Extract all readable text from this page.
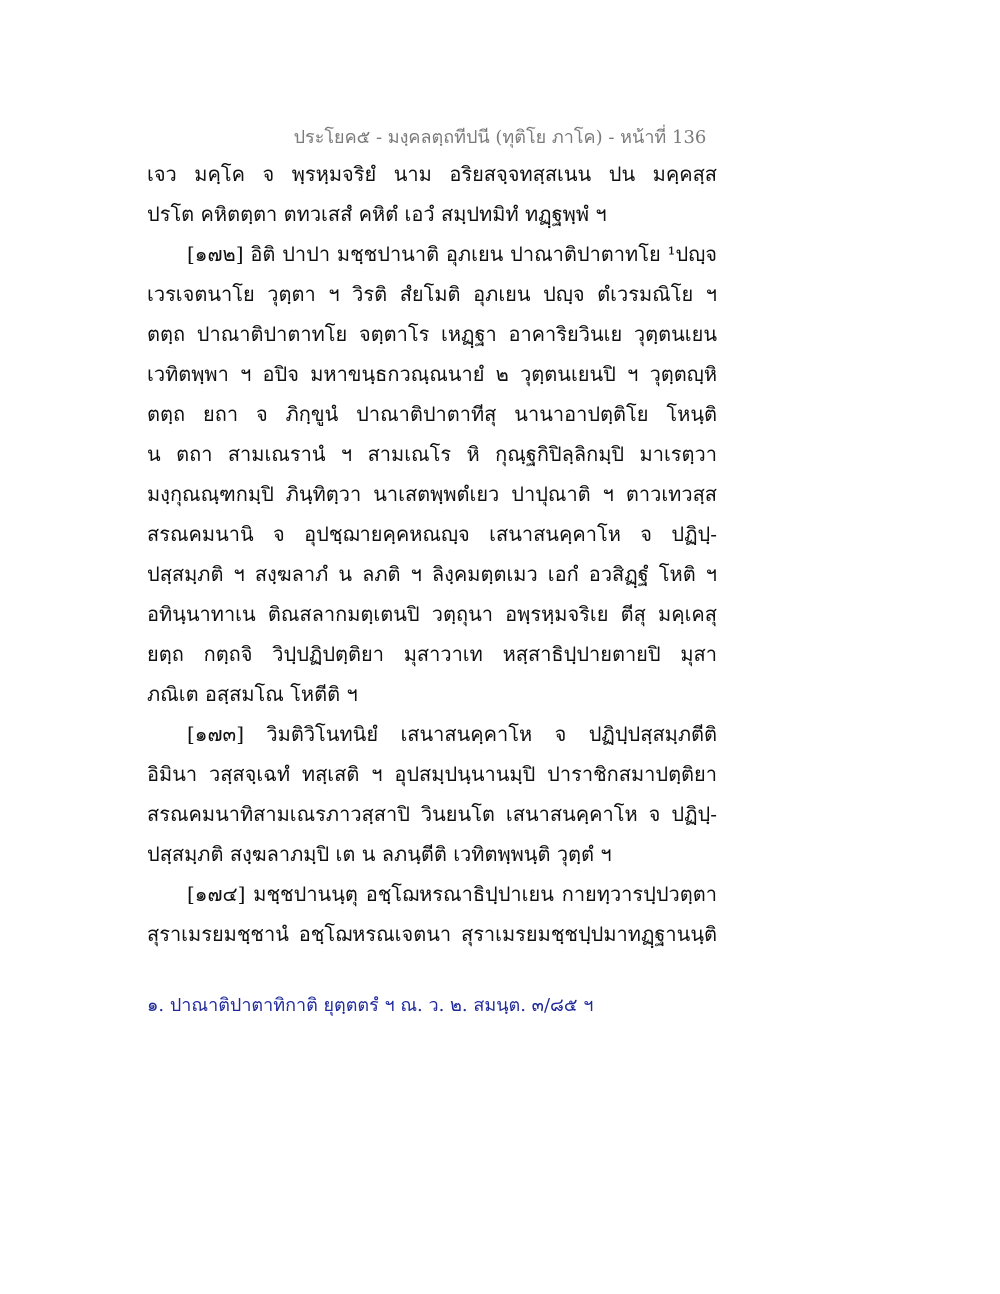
ประโยค๕ - มงฺคลตฺถทีปนี (ทุติโย ภาโค) - หน้าที่ 136
เจว มคฺโค จ พฺรหฺมจริยํ นาม อริยสจฺจทสฺสเนน ปน มคฺคสฺส
ปรโต คหิตตฺตา ตทวเสสํ คหิตํ เอวํ สมฺปทมิทํ ทฏฺฐพฺพํ ฯ
[๑๗๒] อิติ ปาปา มชฺชปานาติ อุภเยน ปาณาติปาตาทโย ¹ปญฺจ
เวรเจตนาโย วุตฺตา ฯ วิรติ สํยโมติ อุภเยน ปญฺจ ตํเวรมณิโย ฯ
ตตฺถ ปาณาติปาตาทโย จตฺตาโร เหฏฺฐา อาคาริยวินเย วุตฺตนเยน
เวทิตพฺพา ฯ อปิจ มหาขนฺธกวณฺณนายํ ๒ วุตฺตนเยนปิ ฯ วุตฺตญฺหิ
ตตฺถ ยถา จ ภิกฺขูนํ ปาณาติปาตาทีสุ นานาอาปตฺติโย โหนฺติ
น ตถา สามเณรานํ ฯ สามเณโร หิ กุณฺฐกิปิลฺลิกมฺปิ มาเรตฺวา
มงฺกุณณฺฑกมฺปิ ภินฺทิตฺวา นาเสตพฺพตํเยว ปาปุณาติ ฯ ตาวเทวสฺส
สรณคมนานิ จ อุปชฺฌายคฺคหณญฺจ เสนาสนคฺคาโห จ ปฏิปฺ-
ปสฺสมฺภติ ฯ สงฺฆลาภํ น ลภติ ฯ ลิงฺคมตฺตเมว เอกํ อวสิฏฺฐํ โหติ ฯ
อทินฺนาทาเน ติณสลากมตฺเตนปิ วตฺถุนา อพฺรหฺมจริเย ตีสุ มคฺเคสุ
ยตฺถ กตฺถจิ วิปฺปฏิปตฺติยา มุสาวาเท หสฺสาธิปฺปายตายปิ มุสา
ภณิเต อสฺสมโณ โหตีติ ฯ
[๑๗๓] วิมติวิโนทนิยํ เสนาสนคฺคาโห จ ปฏิปฺปสฺสมฺภตีติ
อิมินา วสฺสจฺเฉทํ ทสฺเสติ ฯ อุปสมฺปนฺนานมฺปิ ปาราชิกสมาปตฺติยา
สรณคมนาทิสามเณรภาวสฺสาปิ วินยนโต เสนาสนคฺคาโห จ ปฏิปฺ-
ปสฺสมฺภติ สงฺฆลาภมฺปิ เต น ลภนฺตีติ เวทิตพฺพนฺติ วุตฺตํ ฯ
[๑๗๔] มชฺชปานนฺตุ อชฺโฌหรณาธิปฺปาเยน กายทฺวารปฺปวตฺตา
สุราเมรยมชฺชานํ อชฺโฌหรณเจตนา สุราเมรยมชฺชปฺปมาทฏฺฐานนฺติ
๑. ปาณาติปาตาทิกาติ ยุตฺตตรํ ฯ ณ. ว. ๒. สมนฺต. ๓/๘๕ ฯ
